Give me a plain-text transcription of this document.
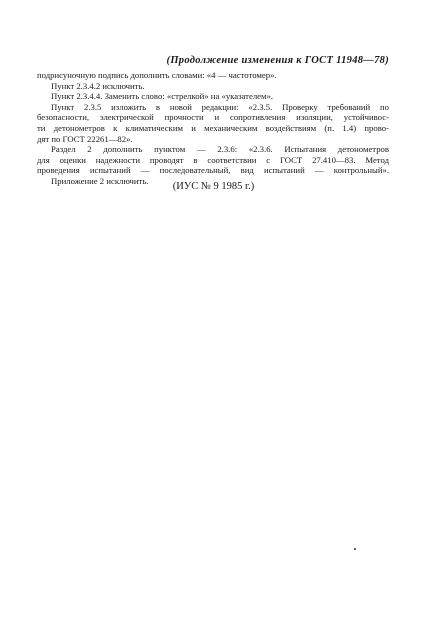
(Продолжение изменения к ГОСТ 11948—78)
подрисуночную подпись дополнить словами: «4 — частотомер».
Пункт 2.3.4.2 исключить.
Пункт 2.3.4.4. Заменить слово: «стрелкой» на «указателем».
Пункт 2.3.5 изложить в новой редакции: «2.3.5. Проверку требований по
безопасности, электрической прочности и сопротивления изоляции, устойчивос-
ти детонометров к климатическим и механическим воздействиям (п. 1.4) прово-
дят по ГОСТ 22261—82».
Раздел 2 дополнить пунктом — 2.3.6: «2.3.6. Испытания детонометров
для оценки надежности проводят в соответствии с ГОСТ 27.410—83. Метод
проведения испытаний — последовательный, вид испытаний — контрольный».
Приложение 2 исключить.
(ИУС № 9 1985 г.)
